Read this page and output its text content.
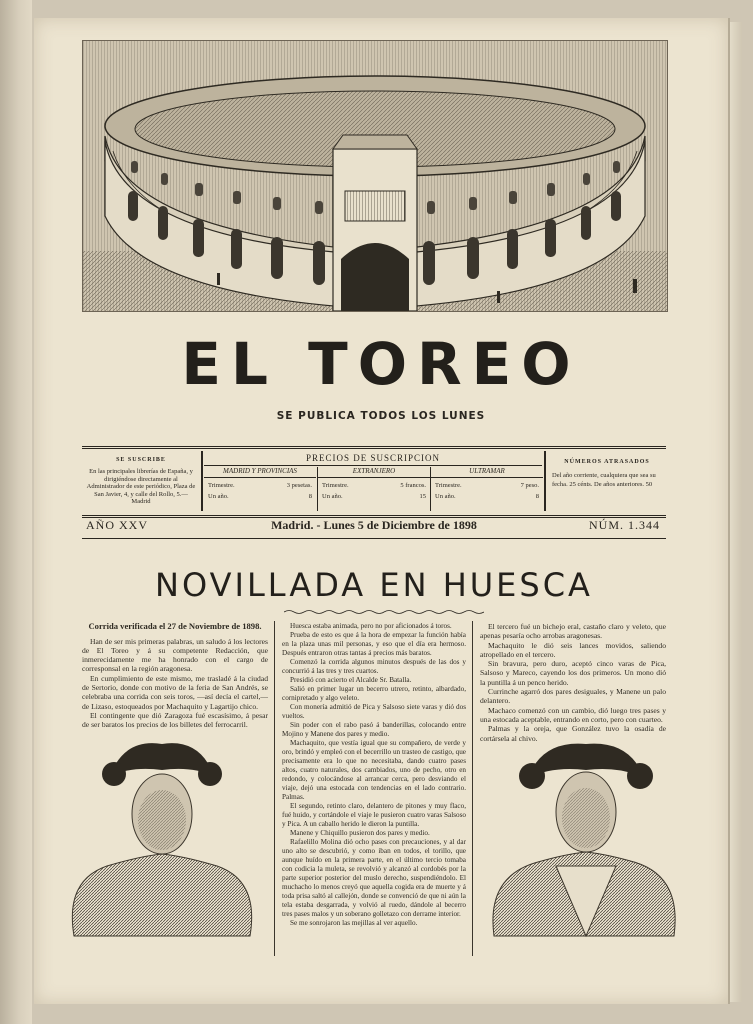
EL TOREO
SE PUBLICA TODOS LOS LUNES
SE SUSCRIBE
En las principales librerías de España, y dirigiéndose directamente al Administrador de este periódico, Plaza de San Javier, 4, y calle del Rollo, 5.—Madrid
PRECIOS DE SUSCRIPCION
MADRID Y PROVINCIAS
Trimestre.	3 pesetas.
Un año.	8
EXTRANJERO
Trimestre.	5 francos.
Un año.	15
ULTRAMAR
Trimestre.	7 peso.
Un año.	8
NÚMEROS ATRASADOS
Del año corriente, cualquiera que sea su fecha. 25 cénts. De años anteriores. 50
AÑO XXV	Madrid. - Lunes 5 de Diciembre de 1898	NÚM. 1.344
NOVILLADA EN HUESCA

Corrida verificada el 27 de Noviembre de 1898.

Han de ser mis primeras palabras, un saludo á los lectores de El Toreo y á su competente Redacción, que inmerecidamente me ha honrado con el cargo de corresponsal en la región aragonesa.

En cumplimiento de este mismo, me trasladé á la ciudad de Sertorio, donde con motivo de la feria de San Andrés, se celebraba una corrida con seis toros, —así decía el cartel,—de Lizaso, estoqueados por Machaquito y Lagartijo chico.

El contingente que dió Zaragoza fué escasísimo, á pesar de ser baratos los precios de los billetes del ferrocarril.

Huesca estaba animada, pero no por aficionados á toros.

Prueba de esto es que á la hora de empezar la función había en la plaza unas mil personas, y eso que el día era hermoso. Después entraron otras tantas á precios más baratos.

Comenzó la corrida algunos minutos después de las dos y concurrió á las tres y tres cuartos.

Presidió con acierto el Alcalde Sr. Batalla.

Salió en primer lugar un becerro utrero, retinto, albardado, cornipretado y algo veleto.

Con monería admitió de Pica y Salsoso siete varas y dió dos vueltos.

Sin poder con el rabo pasó á banderillas, colocando entre Mojino y Manene dos pares y medio.

Machaquito, que vestía igual que su compañero, de verde y oro, brindó y empleó con el becerrillo un trasteo de castigo, que precisamente era lo que no necesitaba, dando cuatro pases altos, cuatro naturales, dos cambiados, uno de pecho, otro en redondo, y colocándose al arrancar cerca, pero desviando el viaje, dejó una estocada con tendencias en el lado contrario. Palmas.

El segundo, retinto claro, delantero de pitones y muy flaco, fué huido, y cortándole el viaje le pusieron cuatro varas Salsoso y Pica. A un caballo herido le dieron la puntilla.

Manene y Chiquillo pusieron dos pares y medio.

Rafaelillo Molina dió ocho pases con precauciones, y al dar uno alto se descubrió, y como iban en todos, el torillo, que aunque huído en la primera parte, en el último tercio tomaba con codicia la muleta, se revolvió y alcanzó al cordobés por la parte superior posterior del muslo derecho, suspendiéndolo. El muchacho lo menos creyó que aquella cogida era de muerte y á toda prisa saltó al callejón, donde se convenció de que ni aún la tela estaba desgarrada, y volvió al ruedo, dándole al becerro tres pases malos y un soberano golletazo con derrame interior.

Se me sonrojaron las mejillas al ver aquello.

El tercero fué un bichejo eral, castaño claro y veleto, que apenas pesaría ocho arrobas aragonesas.

Machaquito le dió seis lances movidos, saliendo atropellado en el tercero.

Sin bravura, pero duro, aceptó cinco varas de Pica, Salsoso y Mareco, cayendo los dos primeros. Un mono dió la puntilla á un penco herido.

Currinche agarró dos pares desiguales, y Manene un palo delantero.

Machaco comenzó con un cambio, dió luego tres pases y una estocada aceptable, entrando en corto, pero con cuarteo.

Palmas y la oreja, que González tuvo la osadía de cortársela al chivo.
